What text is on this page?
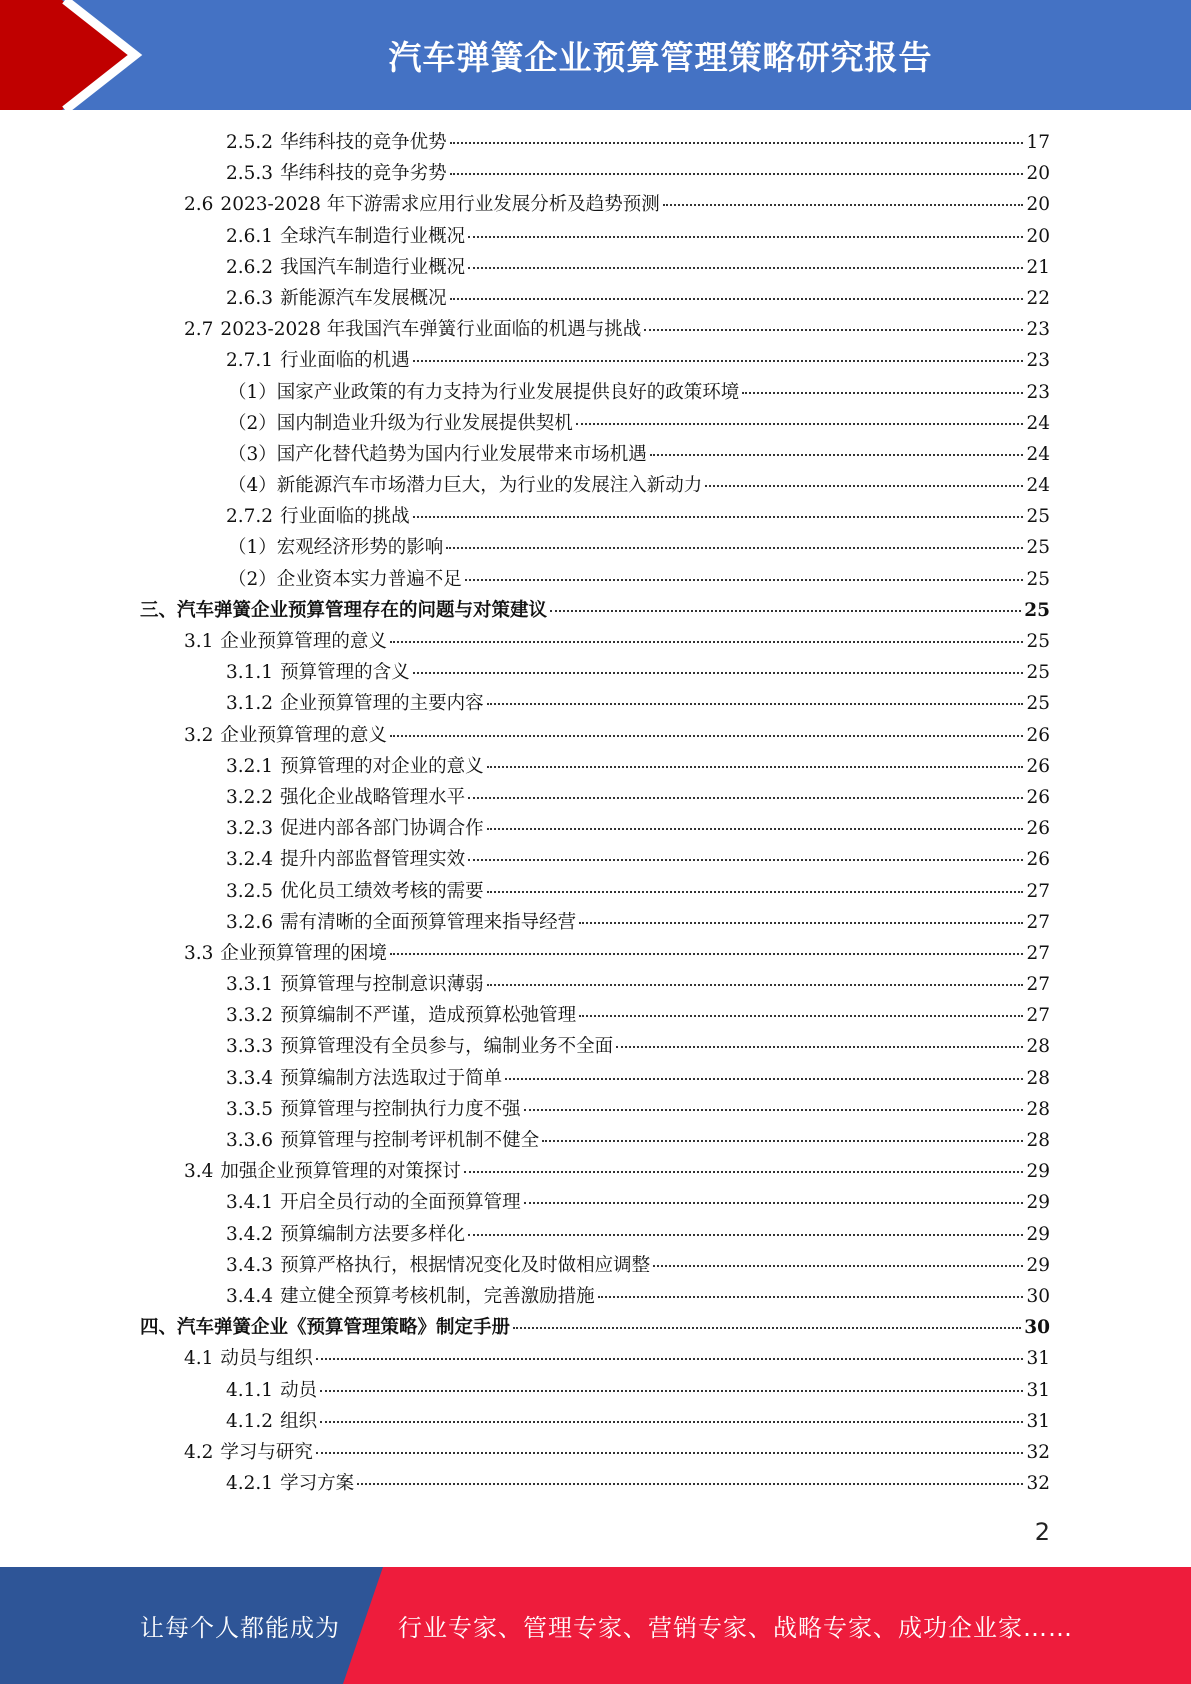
汽车弹簧企业预算管理策略研究报告
2.5.2 华纬科技的竞争优势	17
2.5.3 华纬科技的竞争劣势	20
2.6 2023-2028 年下游需求应用行业发展分析及趋势预测	20
2.6.1 全球汽车制造行业概况	20
2.6.2 我国汽车制造行业概况	21
2.6.3 新能源汽车发展概况	22
2.7 2023-2028 年我国汽车弹簧行业面临的机遇与挑战	23
2.7.1 行业面临的机遇	23
（1） 国家产业政策的有力支持为行业发展提供良好的政策环境	23
（2） 国内制造业升级为行业发展提供契机	24
（3） 国产化替代趋势为国内行业发展带来市场机遇	24
（4） 新能源汽车市场潜力巨大，为行业的发展注入新动力	24
2.7.2 行业面临的挑战	25
（1） 宏观经济形势的影响	25
（2） 企业资本实力普遍不足	25
三、 汽车弹簧企业预算管理存在的问题与对策建议	25
3.1 企业预算管理的意义	25
3.1.1 预算管理的含义	25
3.1.2 企业预算管理的主要内容	25
3.2 企业预算管理的意义	26
3.2.1 预算管理的对企业的意义	26
3.2.2 强化企业战略管理水平	26
3.2.3 促进内部各部门协调合作	26
3.2.4 提升内部监督管理实效	26
3.2.5 优化员工绩效考核的需要	27
3.2.6 需有清晰的全面预算管理来指导经营	27
3.3 企业预算管理的困境	27
3.3.1 预算管理与控制意识薄弱	27
3.3.2 预算编制不严谨，造成预算松弛管理	27
3.3.3 预算管理没有全员参与，编制业务不全面	28
3.3.4 预算编制方法选取过于简单	28
3.3.5 预算管理与控制执行力度不强	28
3.3.6 预算管理与控制考评机制不健全	28
3.4 加强企业预算管理的对策探讨	29
3.4.1 开启全员行动的全面预算管理	29
3.4.2 预算编制方法要多样化	29
3.4.3 预算严格执行，根据情况变化及时做相应调整	29
3.4.4 建立健全预算考核机制，完善激励措施	30
四、 汽车弹簧企业《预算管理策略》制定手册	30
4.1 动员与组织	31
4.1.1 动员	31
4.1.2 组织	31
4.2 学习与研究	32
4.2.1 学习方案	32
2
让每个人都能成为 行业专家、管理专家、营销专家、战略专家、成功企业家……
